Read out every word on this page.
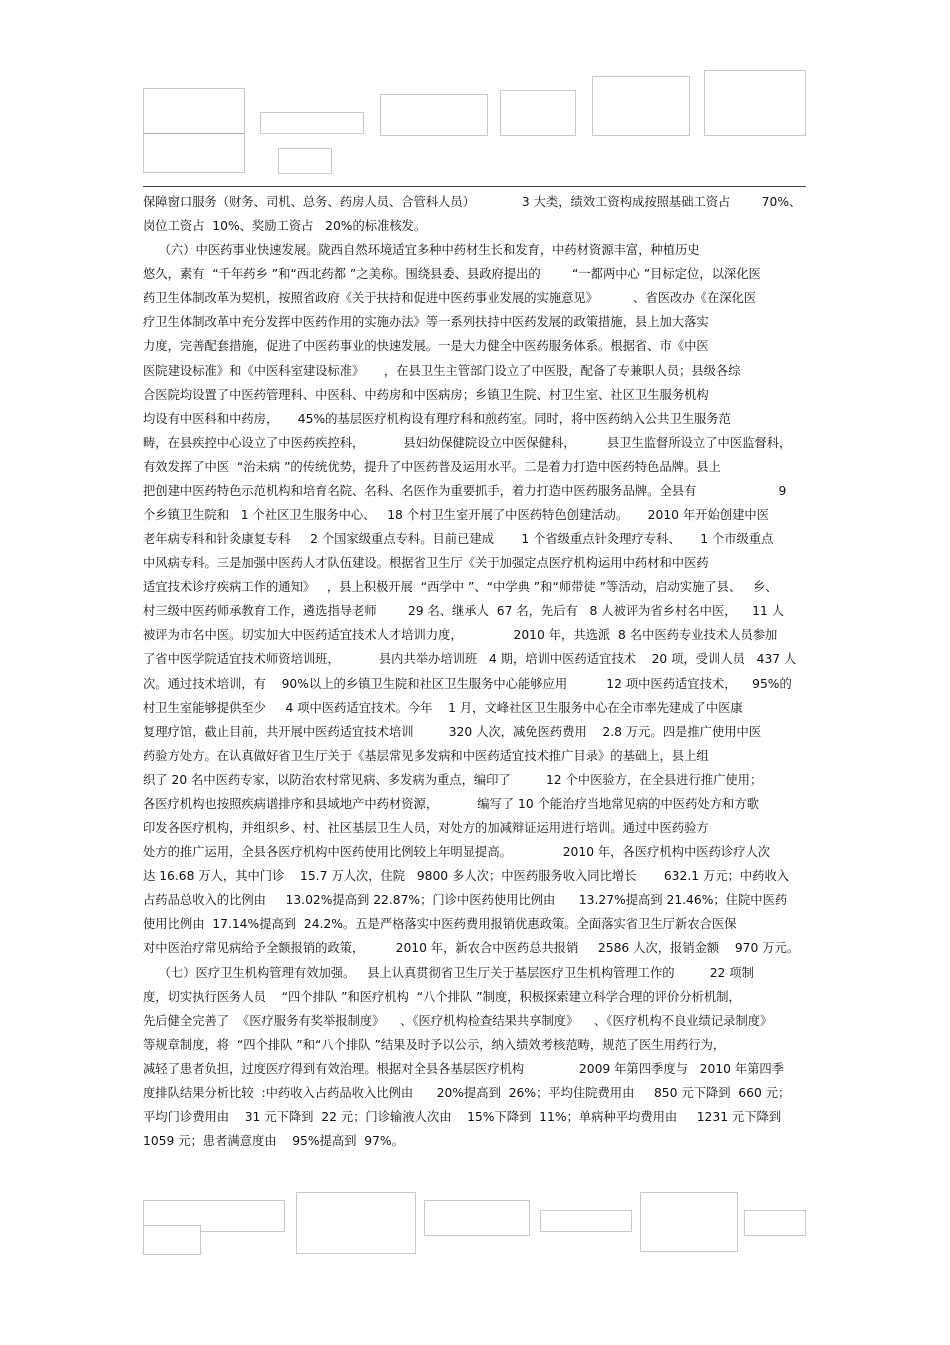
保障窗口服务（财务、司机、总务、药房人员、合管科人员）            3 大类，绩效工资构成按照基础工资占        70%、
岗位工资占  10%、奖励工资占   20%的标准核发。
（六）中医药事业快速发展。陇西自然环境适宜多种中药材生长和发育，中药材资源丰富，种植历史
悠久，素有  “千年药乡 ”和“西北药都 ”之美称。围绕县委、县政府提出的        “一都两中心 ”目标定位，以深化医
药卫生体制改革为契机，按照省政府《关于扶持和促进中医药事业发展的实施意见》         、省医改办《在深化医
疗卫生体制改革中充分发挥中医药作用的实施办法》等一系列扶持中医药发展的政策措施，县上加大落实
力度，完善配套措施，促进了中医药事业的快速发展。一是大力健全中医药服务体系。根据省、市《中医
医院建设标准》和《中医科室建设标准》     ，在县卫生主管部门设立了中医股，配备了专兼职人员；县级各综
合医院均设置了中医药管理科、中医科、中药房和中医病房；乡镇卫生院、村卫生室、社区卫生服务机构
均设有中医科和中药房，     45%的基层医疗机构设有理疗科和煎药室。同时，将中医药纳入公共卫生服务范
畴，在县疾控中心设立了中医药疾控科，          县妇幼保健院设立中医保健科，        县卫生监督所设立了中医监督科，
有效发挥了中医  “治未病 ”的传统优势，提升了中医药普及运用水平。二是着力打造中医药特色品牌。县上
把创建中医药特色示范机构和培育名院、名科、名医作为重要抓手，着力打造中医药服务品牌。全县有                     9
个乡镇卫生院和   1 个社区卫生服务中心、   18 个村卫生室开展了中医药特色创建活动。     2010 年开始创建中医
老年病专科和针灸康复专科     2 个国家级重点专科。目前已建成       1 个省级重点针灸理疗专科、     1 个市级重点
中风病专科。三是加强中医药人才队伍建设。根据省卫生厅《关于加强定点医疗机构运用中药材和中医药
适宜技术诊疗疾病工作的通知》   ，县上积极开展  “西学中 ”、“中学典 ”和“师带徒 ”等活动，启动实施了县、   乡、
村三级中医药师承教育工作，遴选指导老师        29 名、继承人  67 名，先后有   8 人被评为省乡村名中医，    11 人
被评为市名中医。切实加大中医药适宜技术人才培训力度，             2010 年，共选派  8 名中医药专业技术人员参加
了省中医学院适宜技术师资培训班，          县内共举办培训班   4 期，培训中医药适宜技术    20 项，受训人员   437 人
次。通过技术培训，有    90%以上的乡镇卫生院和社区卫生服务中心能够应用          12 项中医药适宜技术，    95%的
村卫生室能够提供至少     4 项中医药适宜技术。今年    1 月，文峰社区卫生服务中心在全市率先建成了中医康
复理疗馆，截止目前，共开展中医药适宜技术培训         320 人次，减免医药费用    2.8 万元。四是推广使用中医
药验方处方。在认真做好省卫生厅关于《基层常见多发病和中医药适宜技术推广目录》的基础上，县上组
织了 20 名中医药专家，以防治农村常见病、多发病为重点，编印了         12 个中医验方，在全县进行推广使用；
各医疗机构也按照疾病谱排序和县域地产中药材资源，          编写了 10 个能治疗当地常见病的中医药处方和方歌
印发各医疗机构，并组织乡、村、社区基层卫生人员，对处方的加减辩证运用进行培训。通过中医药验方
处方的推广运用，全县各医疗机构中医药使用比例较上年明显提高。             2010 年，各医疗机构中医药诊疗人次
达 16.68 万人，其中门诊    15.7 万人次，住院   9800 多人次；中医药服务收入同比增长       632.1 万元；中药收入
占药品总收入的比例由     13.02%提高到 22.87%；门诊中医药使用比例由      13.27%提高到 21.46%；住院中医药
使用比例由  17.14%提高到  24.2%。五是严格落实中医药费用报销优惠政策。全面落实省卫生厅新农合医保
对中医治疗常见病给予全额报销的政策，        2010 年，新农合中医药总共报销     2586 人次，报销金额    970 万元。
（七）医疗卫生机构管理有效加强。   县上认真贯彻省卫生厅关于基层医疗卫生机构管理工作的         22 项制
度，切实执行医务人员    “四个排队 ”和医疗机构  “八个排队 ”制度，积极探索建立科学合理的评价分析机制，
先后健全完善了  《医疗服务有奖举报制度》    、《医疗机构检查结果共享制度》    、《医疗机构不良业绩记录制度》
等规章制度，将  “四个排队 ”和“八个排队 ”结果及时予以公示，纳入绩效考核范畴，规范了医生用药行为，
减轻了患者负担，过度医疗得到有效治理。根据对全县各基层医疗机构              2009 年第四季度与   2010 年第四季
度排队结果分析比较  :中药收入占药品收入比例由      20%提高到  26%；平均住院费用由     850 元下降到  660 元；
平均门诊费用由    31 元下降到  22 元；门诊输液人次由    15%下降到  11%；单病种平均费用由     1231 元下降到
1059 元；患者满意度由    95%提高到  97%。
